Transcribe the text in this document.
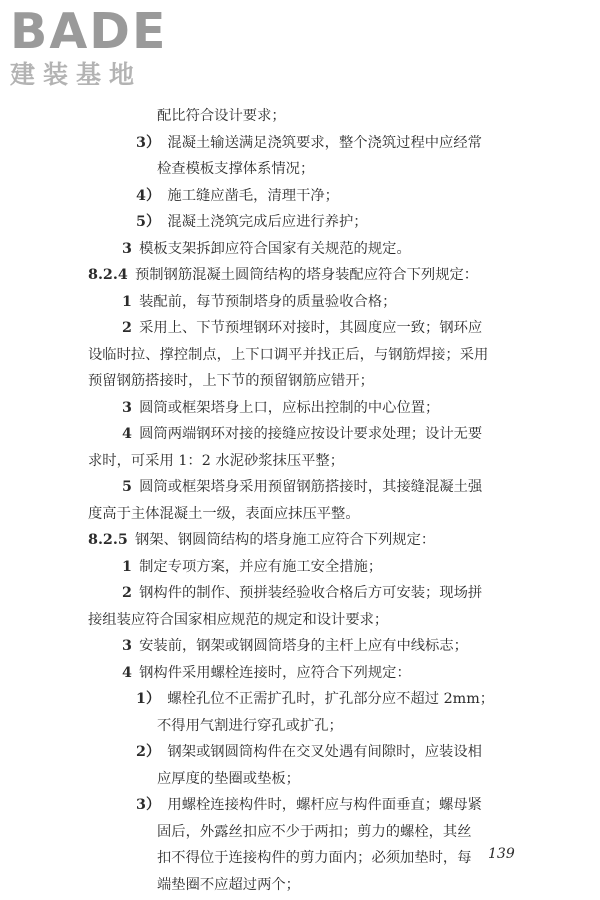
BADE
建装基地
配比符合设计要求；
3）  混凝土输送满足浇筑要求，整个浇筑过程中应经常
检查模板支撑体系情况；
4）  施工缝应凿毛，清理干净；
5）  混凝土浇筑完成后应进行养护；
3  模板支架拆卸应符合国家有关规范的规定。
8.2.4  预制钢筋混凝土圆筒结构的塔身装配应符合下列规定：
1  装配前，每节预制塔身的质量验收合格；
2  采用上、下节预埋钢环对接时，其圆度应一致；钢环应
设临时拉、撑控制点，上下口调平并找正后，与钢筋焊接；采用
预留钢筋搭接时，上下节的预留钢筋应错开；
3  圆筒或框架塔身上口，应标出控制的中心位置；
4  圆筒两端钢环对接的接缝应按设计要求处理；设计无要
求时，可采用 1：2 水泥砂浆抹压平整；
5  圆筒或框架塔身采用预留钢筋搭接时，其接缝混凝土强
度高于主体混凝土一级，表面应抹压平整。
8.2.5  钢架、钢圆筒结构的塔身施工应符合下列规定：
1  制定专项方案，并应有施工安全措施；
2  钢构件的制作、预拼装经验收合格后方可安装；现场拼
接组装应符合国家相应规范的规定和设计要求；
3  安装前，钢架或钢圆筒塔身的主杆上应有中线标志；
4  钢构件采用螺栓连接时，应符合下列规定：
1）  螺栓孔位不正需扩孔时，扩孔部分应不超过 2mm；
不得用气割进行穿孔或扩孔；
2）  钢架或钢圆筒构件在交叉处遇有间隙时，应装设相
应厚度的垫圈或垫板；
3）  用螺栓连接构件时，螺杆应与构件面垂直；螺母紧
固后，外露丝扣应不少于两扣；剪力的螺栓，其丝
扣不得位于连接构件的剪力面内；必须加垫时，每
端垫圈不应超过两个；
139
